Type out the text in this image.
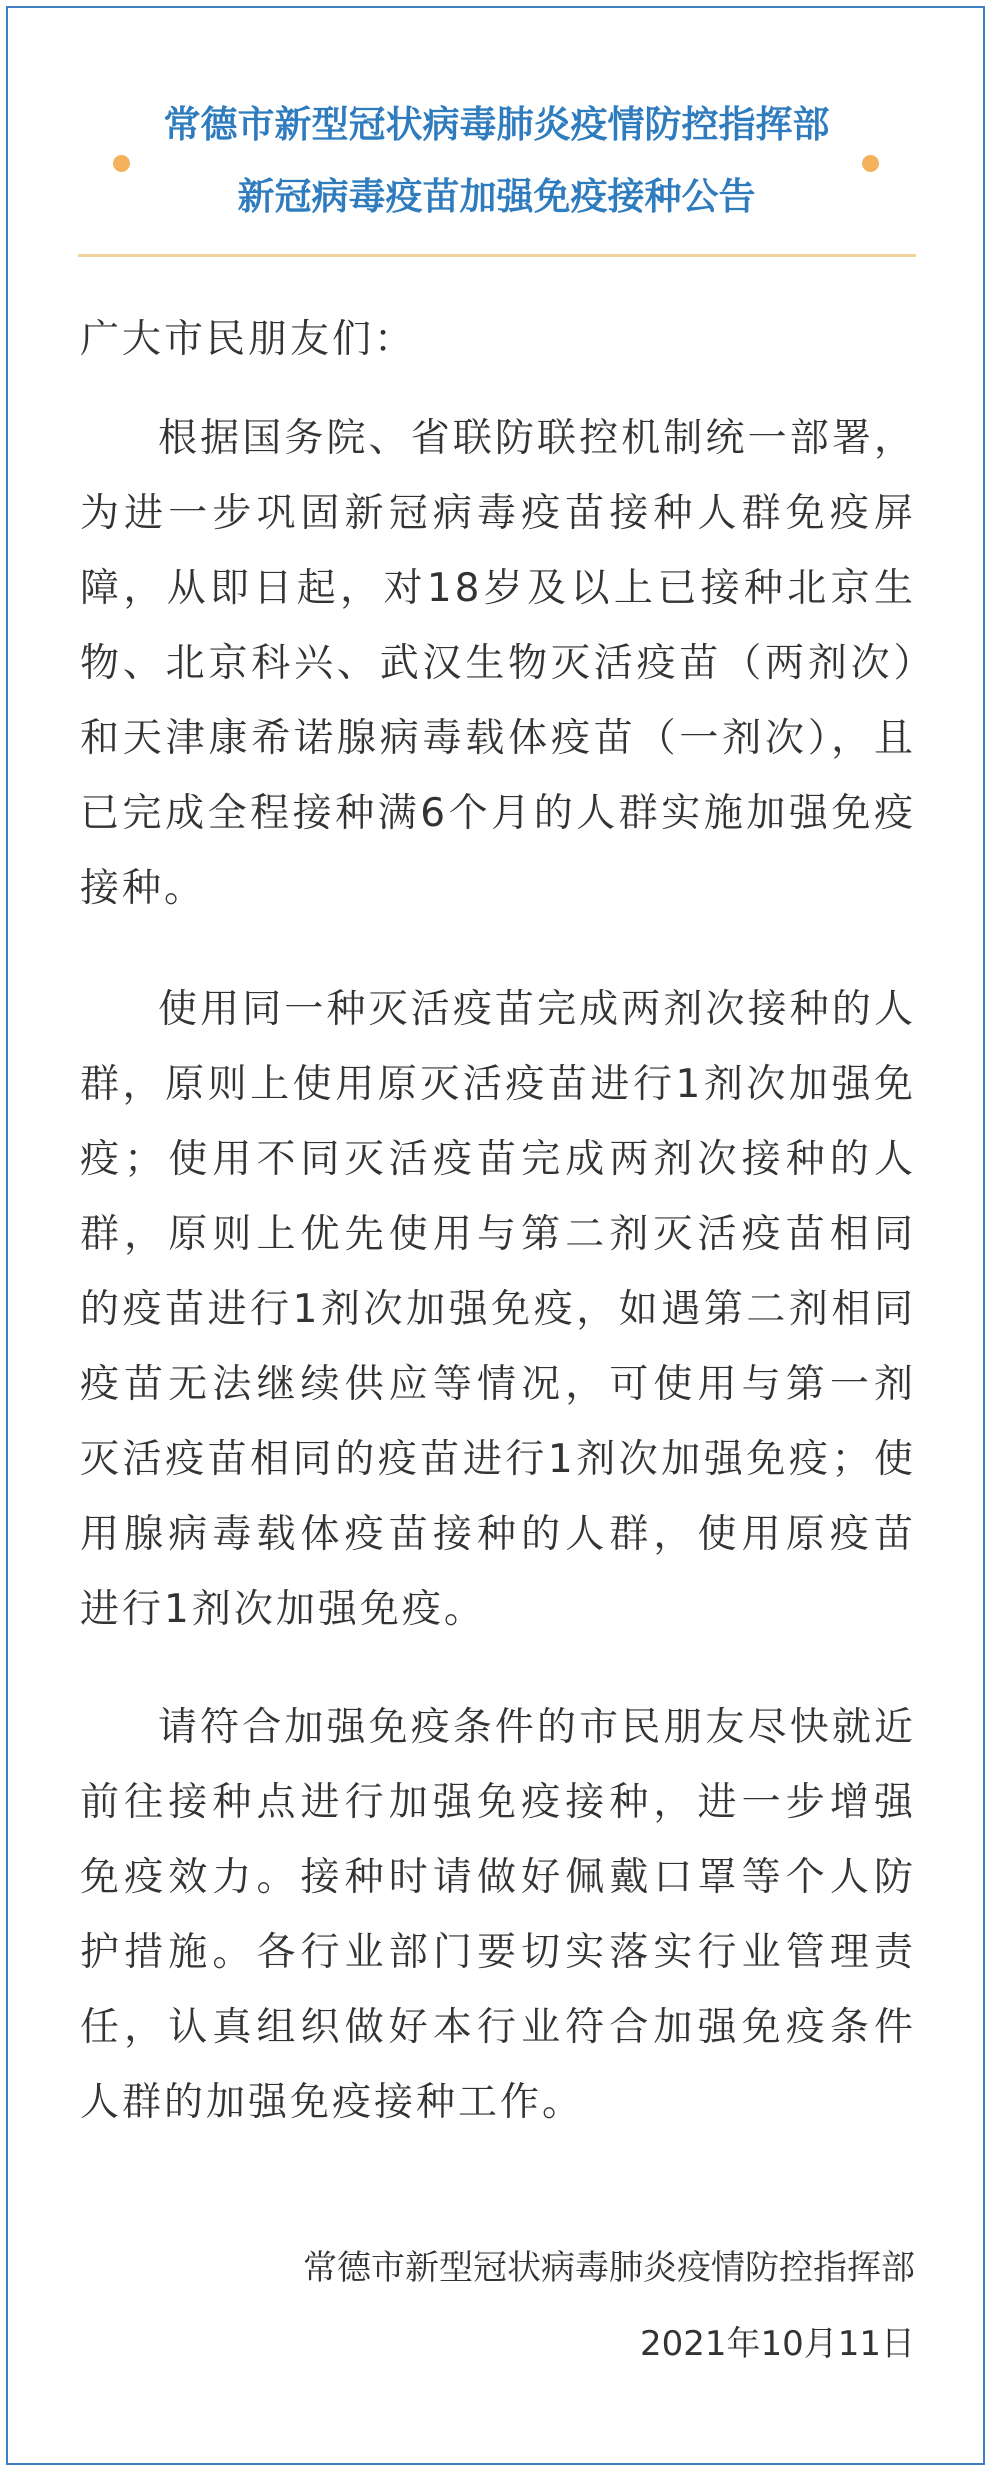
常德市新型冠状病毒肺炎疫情防控指挥部
新冠病毒疫苗加强免疫接种公告
广大市民朋友们：

根据国务院、省联防联控机制统一部署，为进一步巩固新冠病毒疫苗接种人群免疫屏障，从即日起，对18岁及以上已接种北京生物、北京科兴、武汉生物灭活疫苗（两剂次）和天津康希诺腺病毒载体疫苗（一剂次），且已完成全程接种满6个月的人群实施加强免疫接种。

使用同一种灭活疫苗完成两剂次接种的人群，原则上使用原灭活疫苗进行1剂次加强免疫；使用不同灭活疫苗完成两剂次接种的人群，原则上优先使用与第二剂灭活疫苗相同的疫苗进行1剂次加强免疫，如遇第二剂相同疫苗无法继续供应等情况，可使用与第一剂灭活疫苗相同的疫苗进行1剂次加强免疫；使用腺病毒载体疫苗接种的人群，使用原疫苗进行1剂次加强免疫。

请符合加强免疫条件的市民朋友尽快就近前往接种点进行加强免疫接种，进一步增强免疫效力。接种时请做好佩戴口罩等个人防护措施。各行业部门要切实落实行业管理责任，认真组织做好本行业符合加强免疫条件人群的加强免疫接种工作。

常德市新型冠状病毒肺炎疫情防控指挥部
2021年10月11日
